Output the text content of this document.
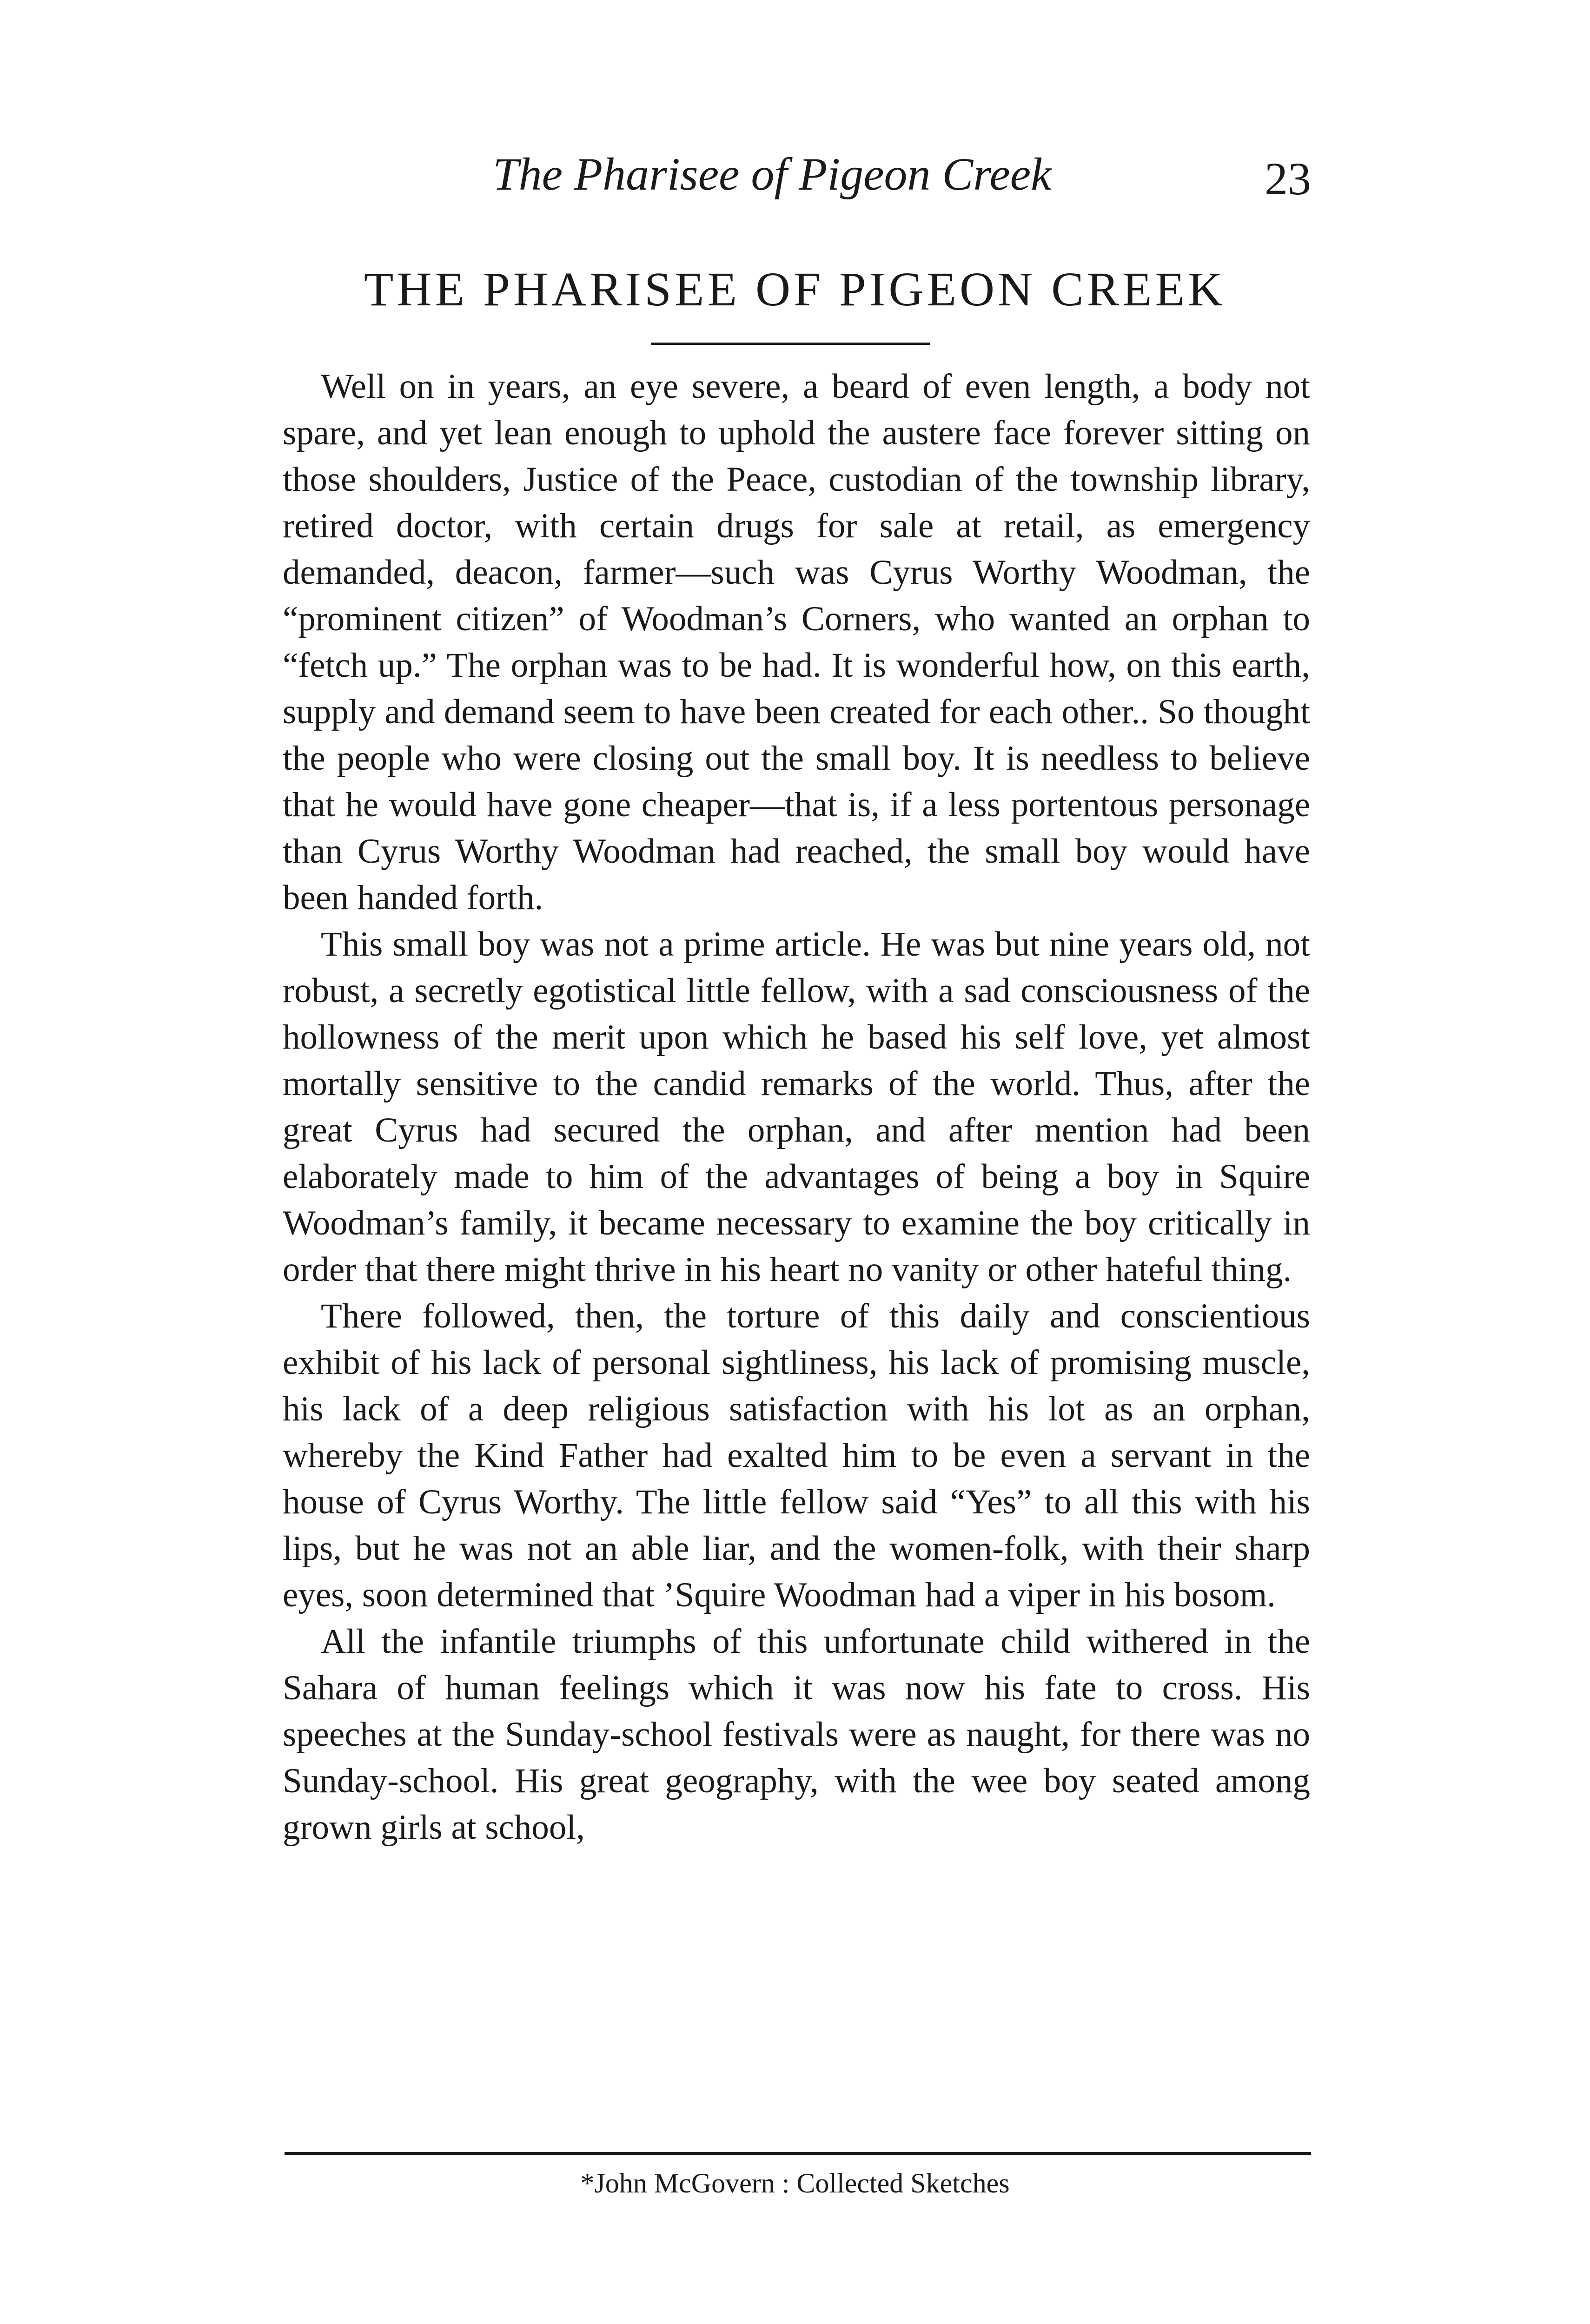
The Pharisee of Pigeon Creek	23
THE PHARISEE OF PIGEON CREEK

Well on in years, an eye severe, a beard of even length, a body not spare, and yet lean enough to uphold the austere face forever sitting on those shoulders, Justice of the Peace, custodian of the township library, retired doctor, with certain drugs for sale at retail, as emergency demanded, deacon, farmer—such was Cyrus Worthy Woodman, the “prominent citizen” of Woodman’s Corners, who wanted an orphan to “fetch up.” The orphan was to be had. It is wonderful how, on this earth, supply and demand seem to have been created for each other.. So thought the people who were closing out the small boy. It is needless to believe that he would have gone cheaper—that is, if a less portentous personage than Cyrus Worthy Woodman had reached, the small boy would have been handed forth.

This small boy was not a prime article. He was but nine years old, not robust, a secretly egotistical little fellow, with a sad consciousness of the hollowness of the merit upon which he based his self love, yet almost mortally sensitive to the candid remarks of the world. Thus, after the great Cyrus had secured the orphan, and after mention had been elaborately made to him of the advantages of being a boy in Squire Woodman’s family, it became necessary to examine the boy critically in order that there might thrive in his heart no vanity or other hateful thing.

There followed, then, the torture of this daily and conscientious exhibit of his lack of personal sightliness, his lack of promising muscle, his lack of a deep religious satisfaction with his lot as an orphan, whereby the Kind Father had exalted him to be even a servant in the house of Cyrus Worthy. The little fellow said “Yes” to all this with his lips, but he was not an able liar, and the women-folk, with their sharp eyes, soon determined that ’Squire Woodman had a viper in his bosom.

All the infantile triumphs of this unfortunate child withered in the Sahara of human feelings which it was now his fate to cross. His speeches at the Sunday-school festivals were as naught, for there was no Sunday-school. His great geography, with the wee boy seated among grown girls at school,

*John McGovern : Collected Sketches
